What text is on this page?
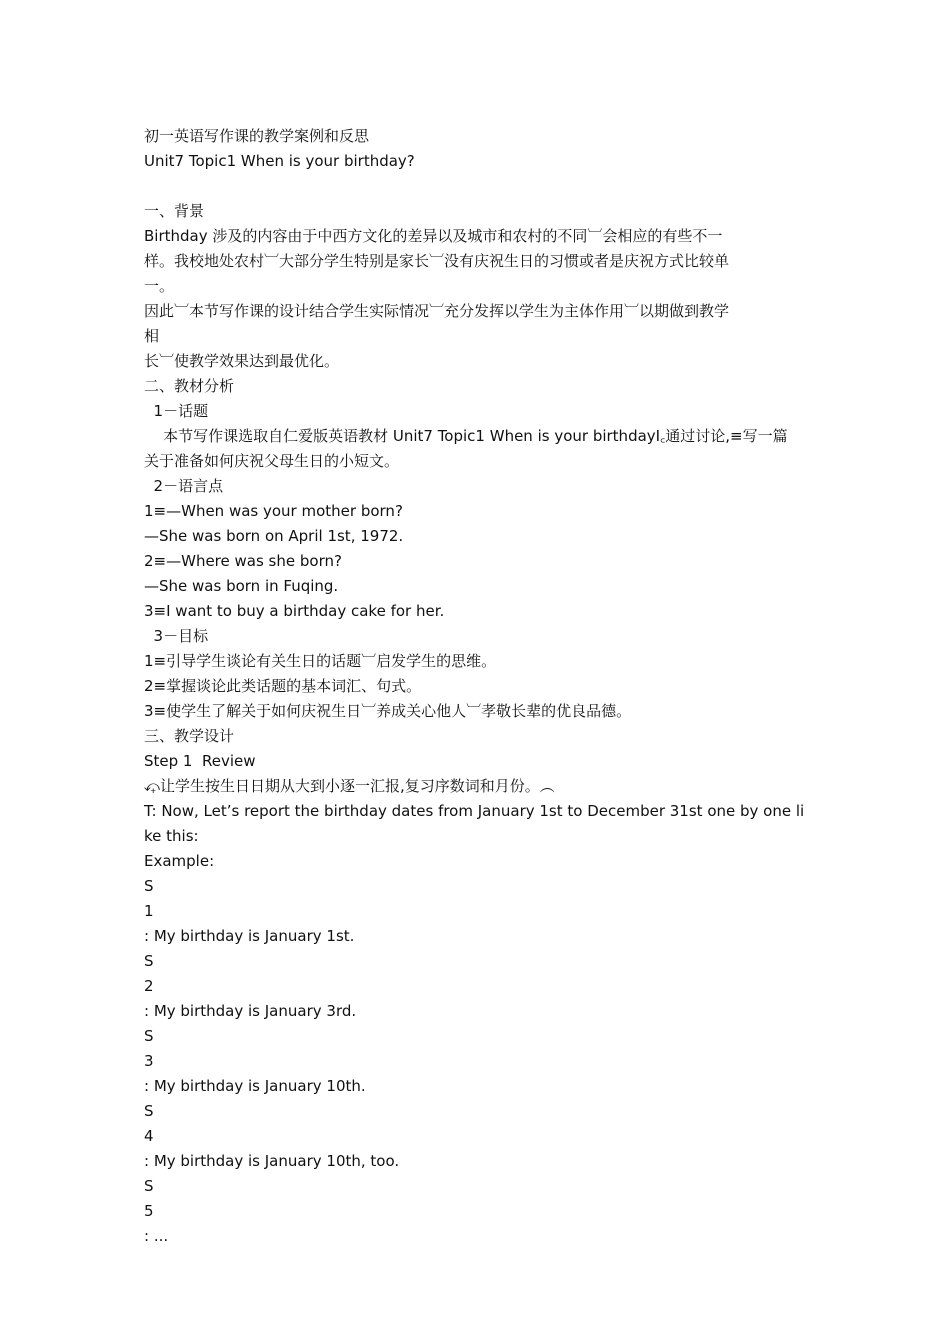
初一英语写作课的教学案例和反思
Unit7 Topic1 When is your birthday?
一、背景
Birthday 涉及的内容由于中西方文化的差异以及城市和农村的不同︺会相应的有些不一
样。我校地处农村︺大部分学生特别是家长︺没有庆祝生日的习惯或者是庆祝方式比较单
一。
因此︺本节写作课的设计结合学生实际情况︺充分发挥以学生为主体作用︺以期做到教学
相
长︺使教学效果达到最优化。
二、教材分析
1－话题
本节写作课选取自仁爱版英语教材 Unit7 Topic1 When is your birthdayI꜀通过讨论,≡写一篇
关于准备如何庆祝父母生日的小短文。
2－语言点
1≡—When was your mother born?
—She was born on April 1st, 1972.
2≡—Where was she born?
—She was born in Fuqing.
3≡I want to buy a birthday cake for her.
3－目标
1≡引导学生谈论有关生日的话题︺启发学生的思维。
2≡掌握谈论此类话题的基本词汇、句式。
3≡使学生了解关于如何庆祝生日︺养成关心他人︺孝敬长辈的优良品德。
三、教学设计
Step 1  Review
⤽让学生按生日日期从大到小逐一汇报,复习序数词和月份。︵
T: Now, Let’s report the birthday dates from January 1st to December 31st one by one like this:
Example:
S
1
: My birthday is January 1st.
S
2
: My birthday is January 3rd.
S
3
: My birthday is January 10th.
S
4
: My birthday is January 10th, too.
S
5
: ...
